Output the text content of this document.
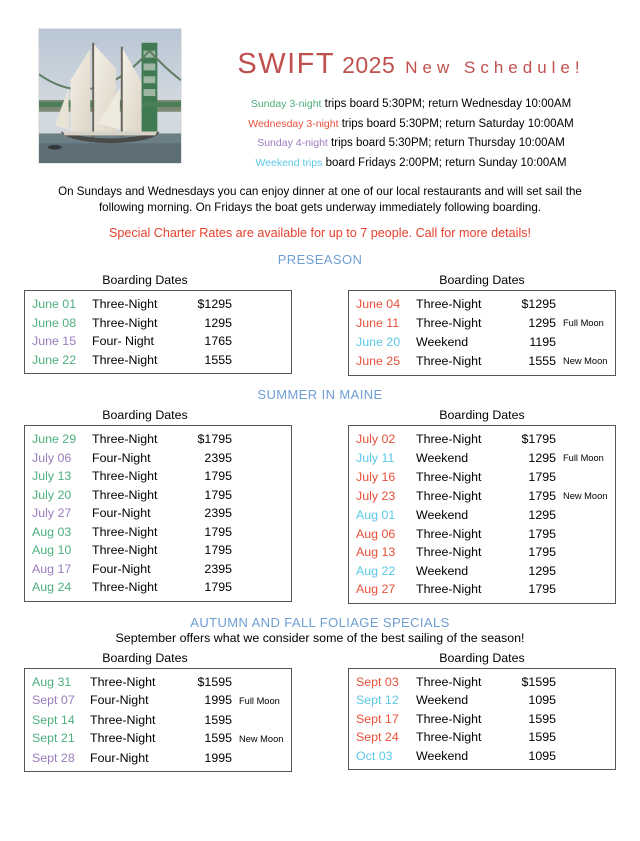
SWIFT 2025 New Schedule!
Sunday 3-night trips board 5:30PM; return Wednesday 10:00AM
Wednesday 3-night trips board 5:30PM; return Saturday 10:00AM
Sunday 4-night trips board 5:30PM; return Thursday 10:00AM
Weekend trips board Fridays 2:00PM; return Sunday 10:00AM
On Sundays and Wednesdays you can enjoy dinner at one of our local restaurants and will set sail the following morning. On Fridays the boat gets underway immediately following boarding.
Special Charter Rates are available for up to 7 people. Call for more details!
PRESEASON
Boarding Dates
June 01	Three-Night	$1295
June 08	Three-Night	1295
June 15	Four- Night	1765
June 22	Three-Night	1555
Boarding Dates
June 04	Three-Night	$1295
June 11	Three-Night	1295 Full Moon
June 20	Weekend	1195
June 25	Three-Night	1555 New Moon
SUMMER IN MAINE
Boarding Dates
June 29	Three-Night	$1795
July 06	Four-Night	2395
July 13	Three-Night	1795
July 20	Three-Night	1795
July 27	Four-Night	2395
Aug 03	Three-Night	1795
Aug 10	Three-Night	1795
Aug 17	Four-Night	2395
Aug 24	Three-Night	1795
Boarding Dates
July 02	Three-Night	$1795
July 11	Weekend	1295 Full Moon
July 16	Three-Night	1795
July 23	Three-Night	1795 New Moon
Aug 01	Weekend	1295
Aug 06	Three-Night	1795
Aug 13	Three-Night	1795
Aug 22	Weekend	1295
Aug 27	Three-Night	1795
AUTUMN AND FALL FOLIAGE SPECIALS
September offers what we consider some of the best sailing of the season!
Boarding Dates
Aug 31	Three-Night	$1595
Sept 07	Four-Night	1995 Full Moon
Sept 14	Three-Night	1595
Sept 21	Three-Night	1595 New Moon
Sept 28	Four-Night	1995
Boarding Dates
Sept 03	Three-Night	$1595
Sept 12	Weekend	1095
Sept 17	Three-Night	1595
Sept 24	Three-Night	1595
Oct 03	Weekend	1095
